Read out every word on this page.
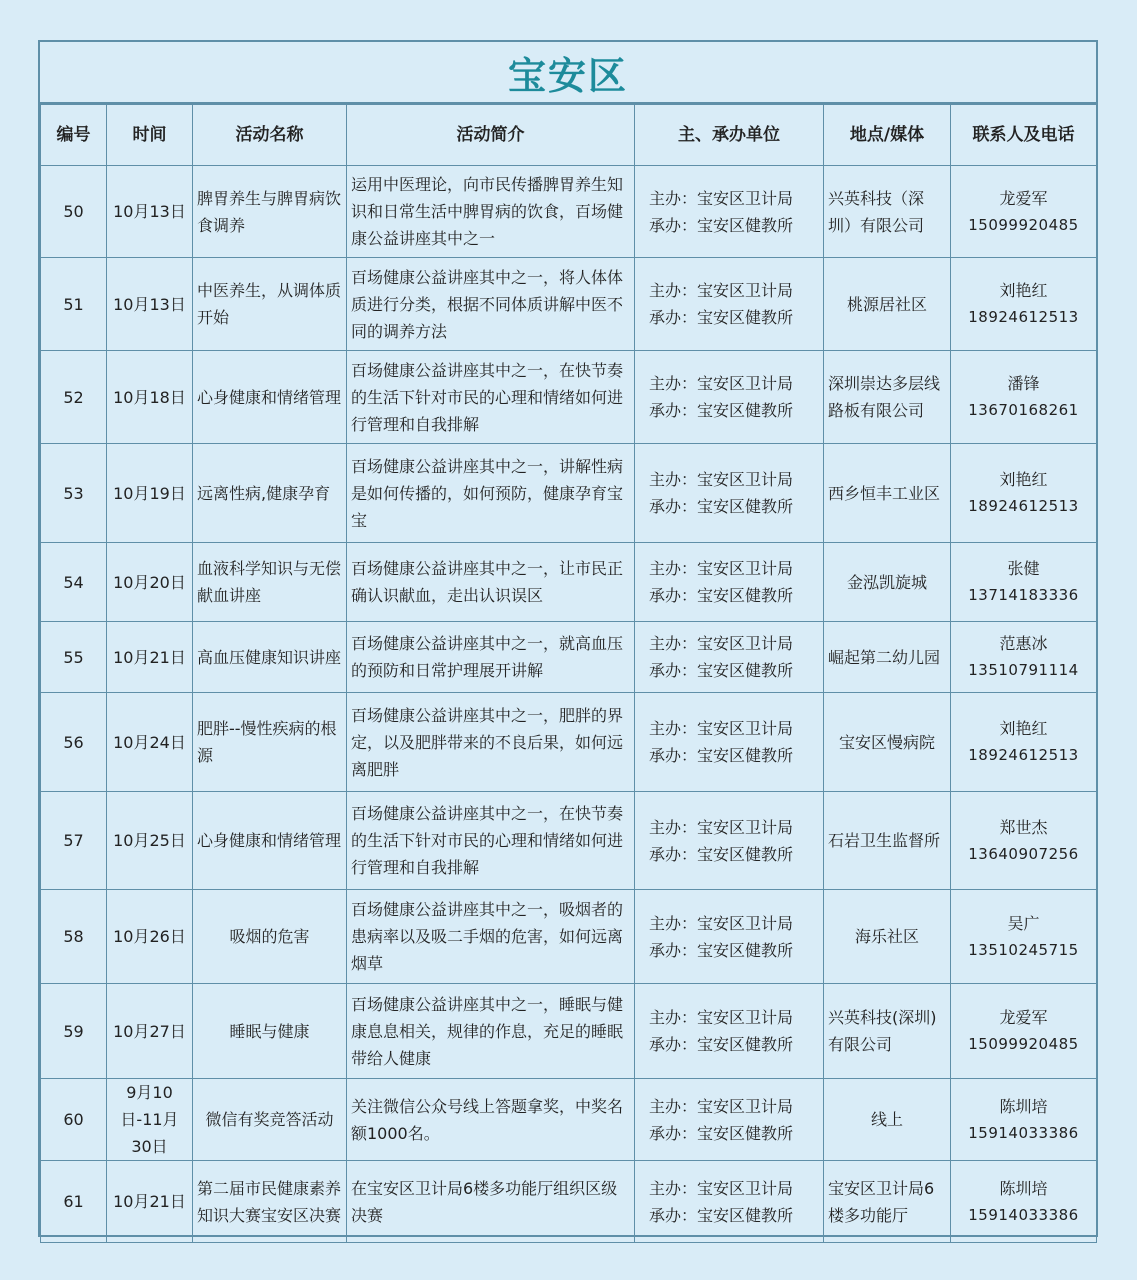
宝安区
编号	时间	活动名称	活动简介	主、承办单位	地点/媒体	联系人及电话
50	10月13日	脾胃养生与脾胃病饮食调养	运用中医理论，向市民传播脾胃养生知识和日常生活中脾胃病的饮食，百场健康公益讲座其中之一	主办：宝安区卫计局
承办：宝安区健教所	兴英科技（深圳）有限公司	龙爱军
15099920485

51	10月13日	中医养生，从调体质开始	百场健康公益讲座其中之一，将人体体质进行分类，根据不同体质讲解中医不同的调养方法	主办：宝安区卫计局
承办：宝安区健教所	桃源居社区	刘艳红
18924612513

52	10月18日	心身健康和情绪管理	百场健康公益讲座其中之一，在快节奏的生活下针对市民的心理和情绪如何进行管理和自我排解	主办：宝安区卫计局
承办：宝安区健教所	深圳崇达多层线路板有限公司	潘锋
13670168261

53	10月19日	远离性病,健康孕育	百场健康公益讲座其中之一，讲解性病是如何传播的，如何预防，健康孕育宝宝	主办：宝安区卫计局
承办：宝安区健教所	西乡恒丰工业区	刘艳红
18924612513

54	10月20日	血液科学知识与无偿献血讲座	百场健康公益讲座其中之一，让市民正确认识献血，走出认识误区	主办：宝安区卫计局
承办：宝安区健教所	金泓凯旋城	张健
13714183336

55	10月21日	高血压健康知识讲座	百场健康公益讲座其中之一，就高血压的预防和日常护理展开讲解	主办：宝安区卫计局
承办：宝安区健教所	崛起第二幼儿园	范惠冰
13510791114

56	10月24日	肥胖--慢性疾病的根源	百场健康公益讲座其中之一，肥胖的界定，以及肥胖带来的不良后果，如何远离肥胖	主办：宝安区卫计局
承办：宝安区健教所	宝安区慢病院	刘艳红
18924612513

57	10月25日	心身健康和情绪管理	百场健康公益讲座其中之一，在快节奏的生活下针对市民的心理和情绪如何进行管理和自我排解	主办：宝安区卫计局
承办：宝安区健教所	石岩卫生监督所	郑世杰
13640907256

58	10月26日	吸烟的危害	百场健康公益讲座其中之一，吸烟者的患病率以及吸二手烟的危害，如何远离烟草	主办：宝安区卫计局
承办：宝安区健教所	海乐社区	吴广
13510245715

59	10月27日	睡眠与健康	百场健康公益讲座其中之一，睡眠与健康息息相关，规律的作息，充足的睡眠带给人健康	主办：宝安区卫计局
承办：宝安区健教所	兴英科技(深圳)有限公司	龙爱军
15099920485

60	9月10日-11月30日	微信有奖竞答活动	关注微信公众号线上答题拿奖，中奖名额1000名。	主办：宝安区卫计局
承办：宝安区健教所	线上	陈圳培
15914033386

61	10月21日	第二届市民健康素养知识大赛宝安区决赛	在宝安区卫计局6楼多功能厅组织区级决赛	主办：宝安区卫计局
承办：宝安区健教所	宝安区卫计局6楼多功能厅	陈圳培
15914033386
